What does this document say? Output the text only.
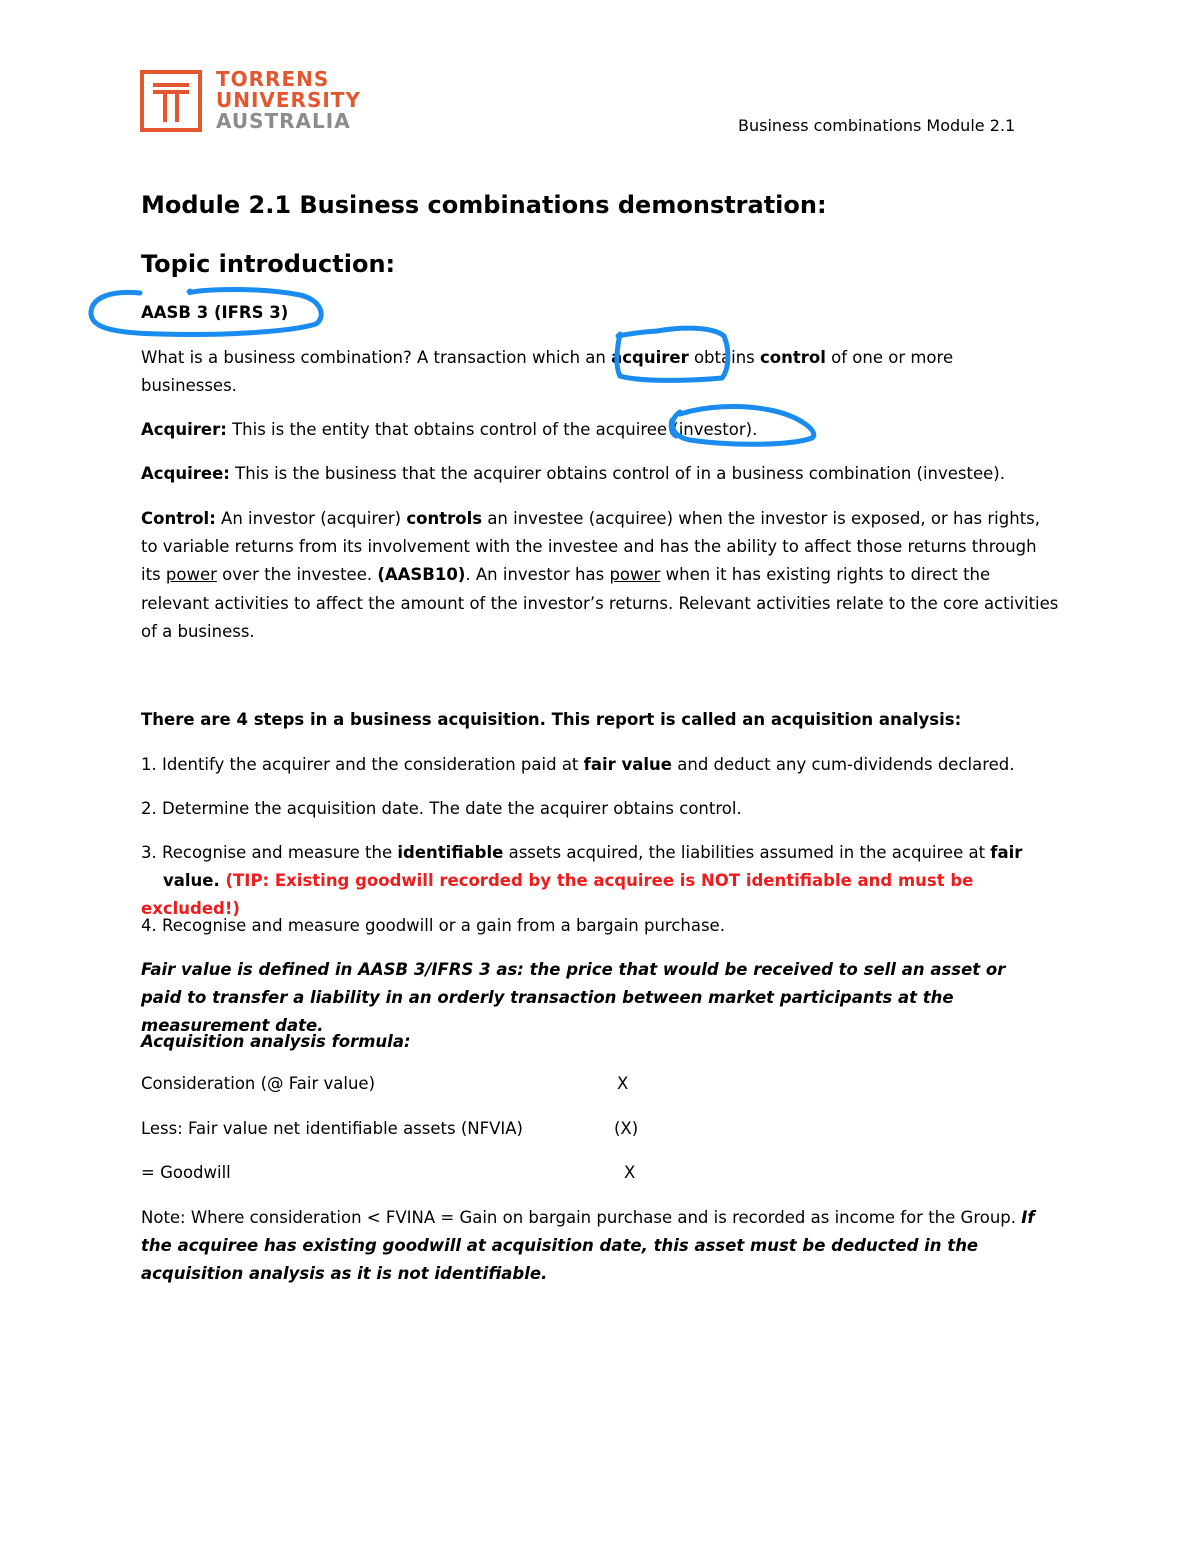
TORRENS
UNIVERSITY
AUSTRALIA	Business combinations Module 2.1
Module 2.1 Business combinations demonstration:
Topic introduction:

AASB 3 (IFRS 3)

What is a business combination? A transaction which an acquirer obtains control of one or more businesses.

Acquirer: This is the entity that obtains control of the acquiree (investor).

Acquiree: This is the business that the acquirer obtains control of in a business combination (investee).

Control: An investor (acquirer) controls an investee (acquiree) when the investor is exposed, or has rights, to variable returns from its involvement with the investee and has the ability to affect those returns through its power over the investee. (AASB10). An investor has power when it has existing rights to direct the relevant activities to affect the amount of the investor’s returns. Relevant activities relate to the core activities of a business.

There are 4 steps in a business acquisition. This report is called an acquisition analysis:

1. Identify the acquirer and the consideration paid at fair value and deduct any cum-dividends declared.

2. Determine the acquisition date. The date the acquirer obtains control.

3. Recognise and measure the identifiable assets acquired, the liabilities assumed in the acquiree at fair
value. (TIP: Existing goodwill recorded by the acquiree is NOT identifiable and must be excluded!)

4. Recognise and measure goodwill or a gain from a bargain purchase.

Fair value is defined in AASB 3/IFRS 3 as: the price that would be received to sell an asset or paid to transfer a liability in an orderly transaction between market participants at the measurement date.

Acquisition analysis formula:

Consideration (@ Fair value)	X
Less: Fair value net identifiable assets (NFVIA)	(X)
= Goodwill	X

Note: Where consideration < FVINA = Gain on bargain purchase and is recorded as income for the Group. If the acquiree has existing goodwill at acquisition date, this asset must be deducted in the acquisition analysis as it is not identifiable.
